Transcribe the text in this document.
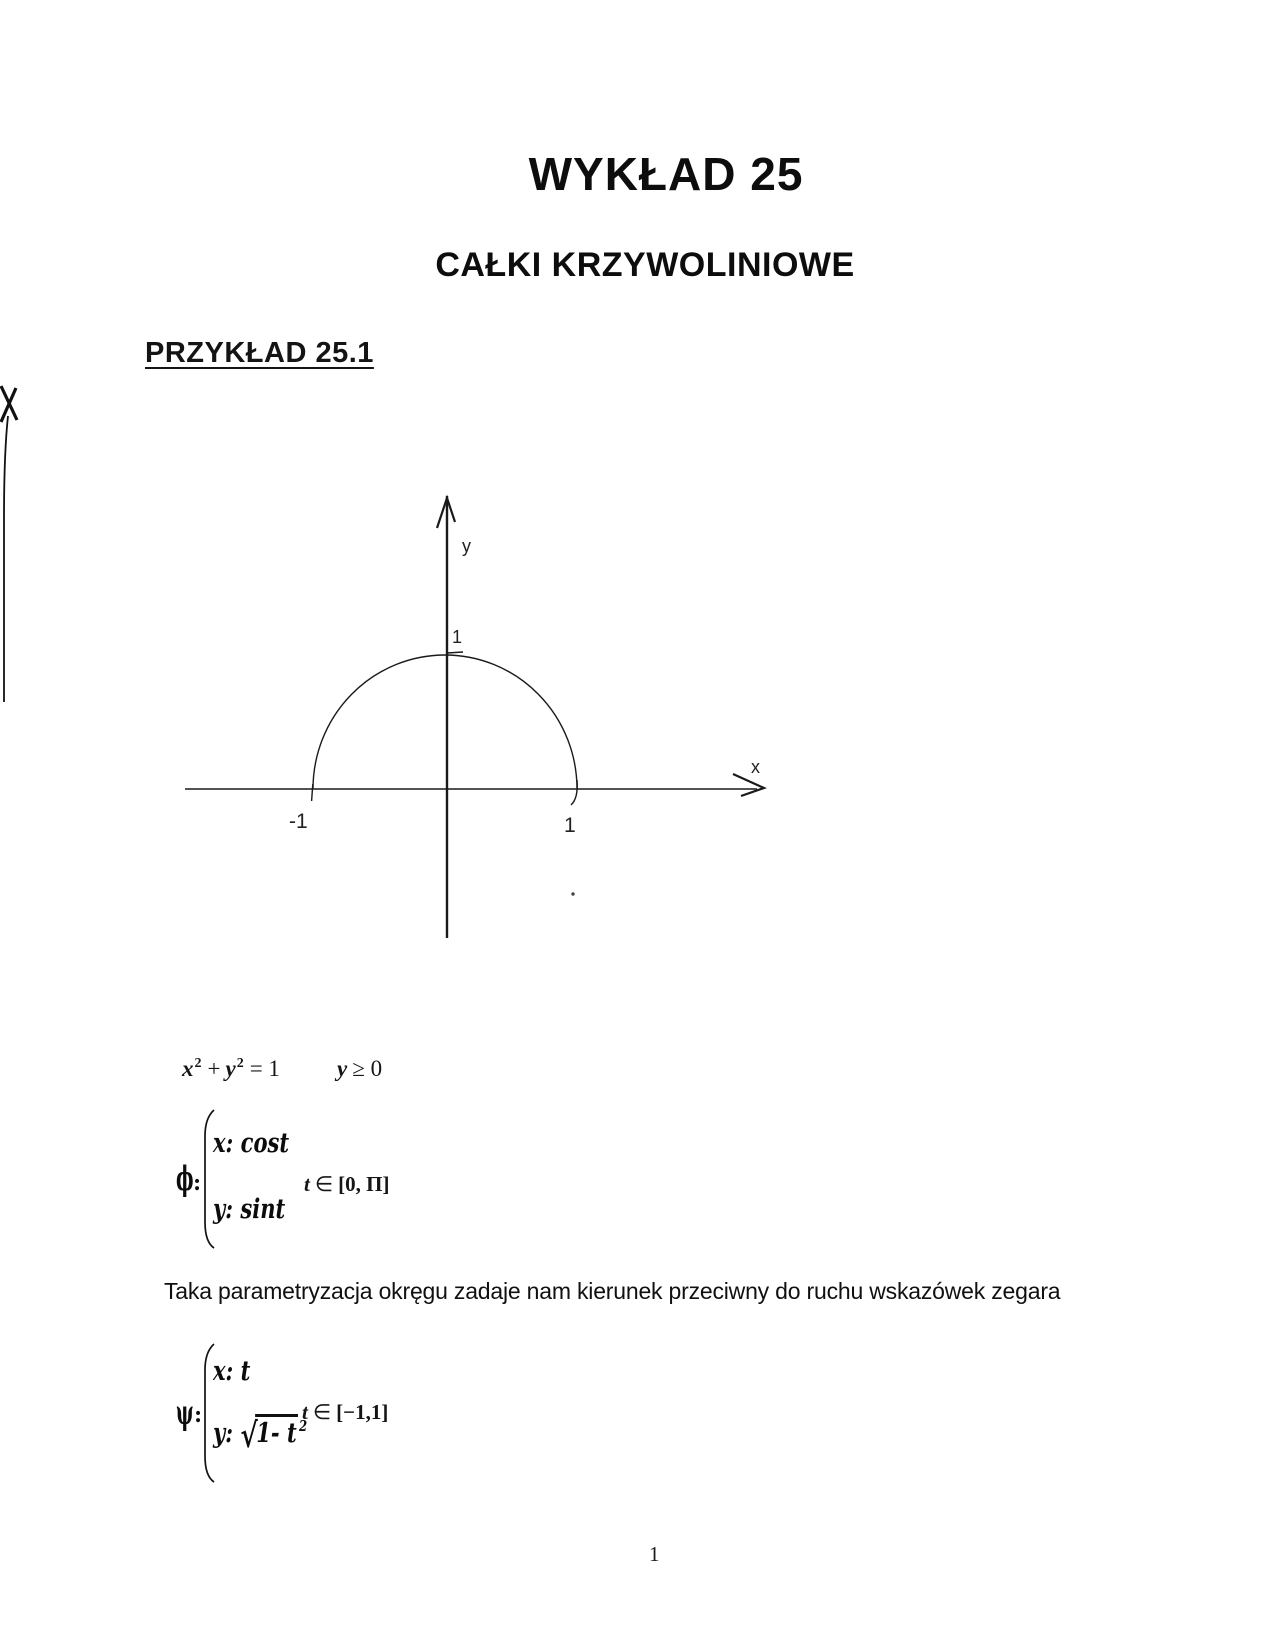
WYKŁAD 25
CAŁKI KRZYWOLINIOWE
PRZYKŁAD 25.1
x
y
1
-1	1
$x^2 + y^2 = 1$ y ≥ 0
ϕ :
x: cost
y: sint
t ∈ [0, Π]
Taka parametryzacja okręgu zadaje nam kierunek przeciwny do ruchu wskazówek zegara
ψ :
x: t
y: √1- t $^2$
t ∈ [−1,1]
1
